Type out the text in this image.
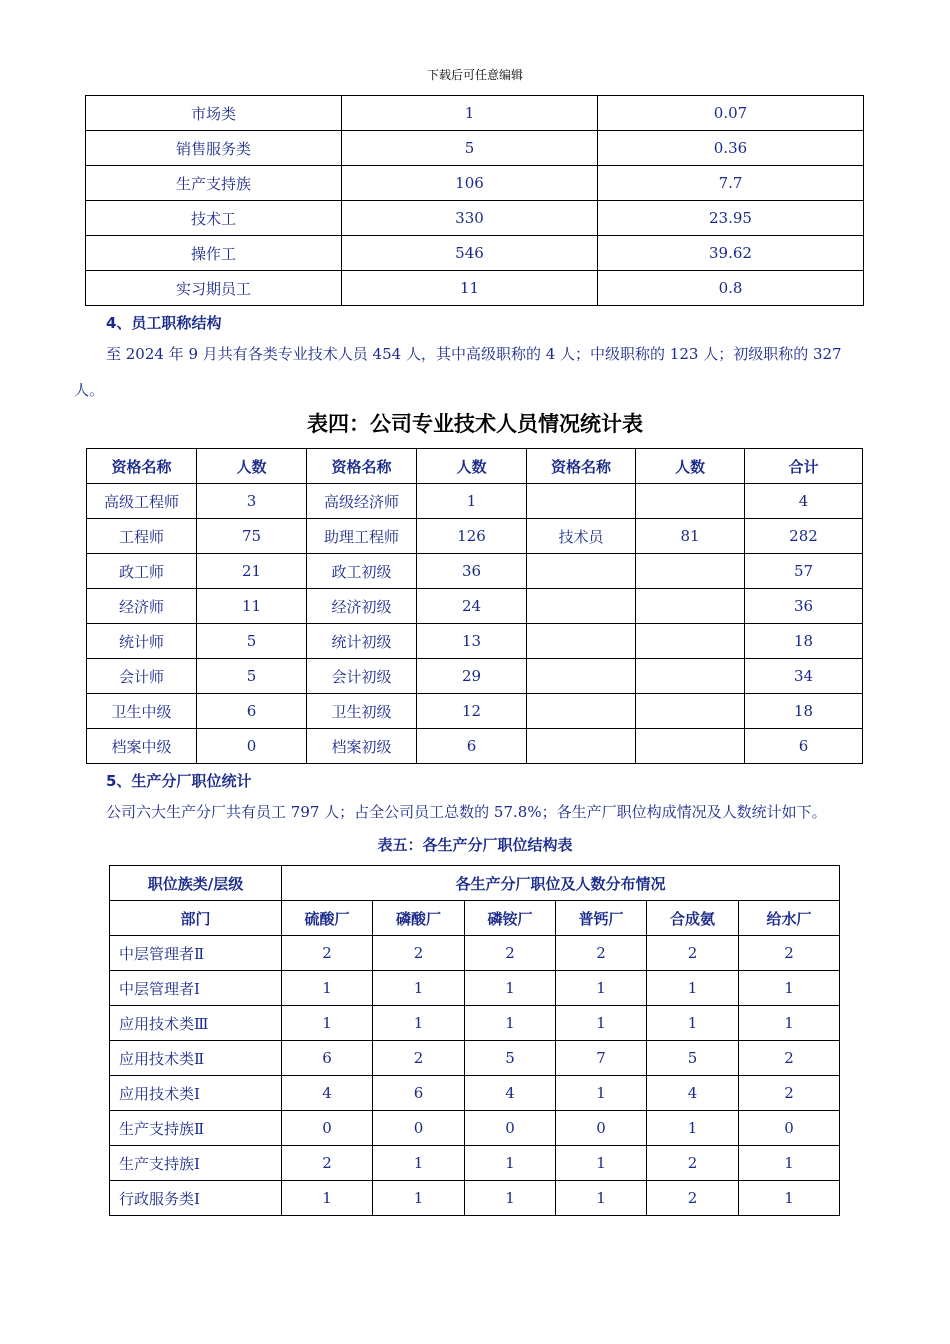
下载后可任意编辑
市场类	1	0.07
销售服务类	5	0.36
生产支持族	106	7.7
技术工	330	23.95
操作工	546	39.62
实习期员工	11	0.8
4、员工职称结构
至 2024 年 9 月共有各类专业技术人员 454 人，其中高级职称的 4 人；中级职称的 123 人；初级职称的 327
人。
表四：公司专业技术人员情况统计表
资格名称	人数	资格名称	人数	资格名称	人数	合计
高级工程师	3	高级经济师	1			4
工程师	75	助理工程师	126	技术员	81	282
政工师	21	政工初级	36			57
经济师	11	经济初级	24			36
统计师	5	统计初级	13			18
会计师	5	会计初级	29			34
卫生中级	6	卫生初级	12			18
档案中级	0	档案初级	6			6
5、生产分厂职位统计
公司六大生产分厂共有员工 797 人；占全公司员工总数的 57.8%；各生产厂职位构成情况及人数统计如下。
表五：各生产分厂职位结构表
职位族类/层级	各生产分厂职位及人数分布情况					
部门	硫酸厂	磷酸厂	磷铵厂	普钙厂	合成氨	给水厂
中层管理者Ⅱ	2	2	2	2	2	2
中层管理者Ⅰ	1	1	1	1	1	1
应用技术类Ⅲ	1	1	1	1	1	1
应用技术类Ⅱ	6	2	5	7	5	2
应用技术类Ⅰ	4	6	4	1	4	2
生产支持族Ⅱ	0	0	0	0	1	0
生产支持族Ⅰ	2	1	1	1	2	1
行政服务类Ⅰ	1	1	1	1	2	1
